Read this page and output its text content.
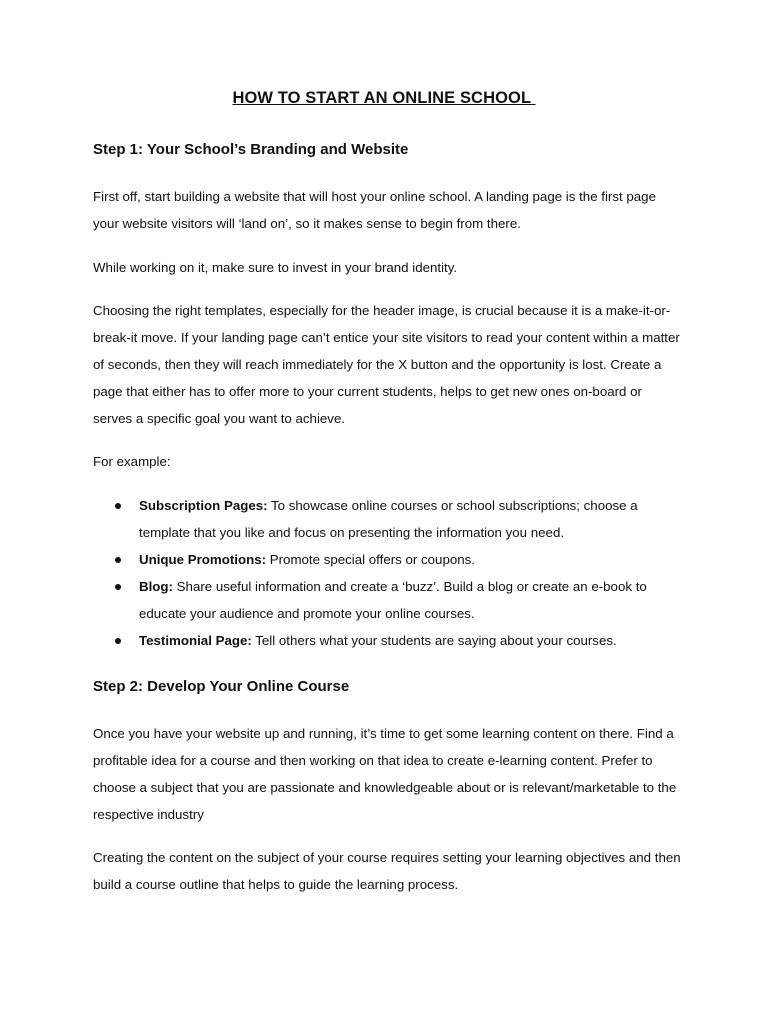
HOW TO START AN ONLINE SCHOOL
Step 1: Your School’s Branding and Website

First off, start building a website that will host your online school. A landing page is the first page your website visitors will ‘land on’, so it makes sense to begin from there.

While working on it, make sure to invest in your brand identity.

Choosing the right templates, especially for the header image, is crucial because it is a make-it-or-break-it move. If your landing page can’t entice your site visitors to read your content within a matter of seconds, then they will reach immediately for the X button and the opportunity is lost. Create a page that either has to offer more to your current students, helps to get new ones on-board or serves a specific goal you want to achieve.

For example:

Subscription Pages: To showcase online courses or school subscriptions; choose a template that you like and focus on presenting the information you need.
Unique Promotions: Promote special offers or coupons.
Blog: Share useful information and create a ‘buzz’. Build a blog or create an e-book to educate your audience and promote your online courses.
Testimonial Page: Tell others what your students are saying about your courses.
Step 2: Develop Your Online Course

Once you have your website up and running, it’s time to get some learning content on there. Find a profitable idea for a course and then working on that idea to create e-learning content. Prefer to choose a subject that you are passionate and knowledgeable about or is relevant/marketable to the respective industry

Creating the content on the subject of your course requires setting your learning objectives and then build a course outline that helps to guide the learning process.
